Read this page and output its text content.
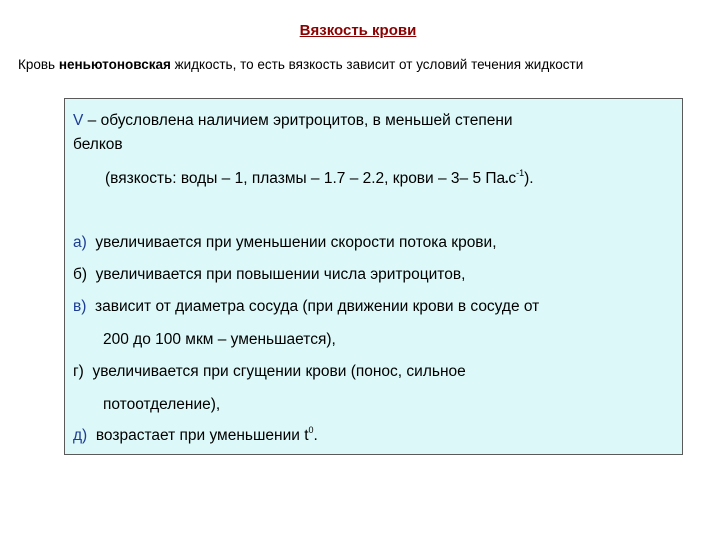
Вязкость крови
Кровь неньютоновская жидкость, то есть вязкость зависит от условий течения жидкости
V – обусловлена наличием эритроцитов, в меньшей степени
белков
(вязкость: воды – 1, плазмы – 1.7 – 2.2, крови – 3– 5 $Па•с^{-1}$).
а) увеличивается при уменьшении скорости потока крови,
б) увеличивается при повышении числа эритроцитов,
в) зависит от диаметра сосуда (при движении крови в сосуде от
200 до 100 мкм – уменьшается),
г) увеличивается при сгущении крови (понос, сильное
потоотделение),
д) возрастает при уменьшении $t^0$.
